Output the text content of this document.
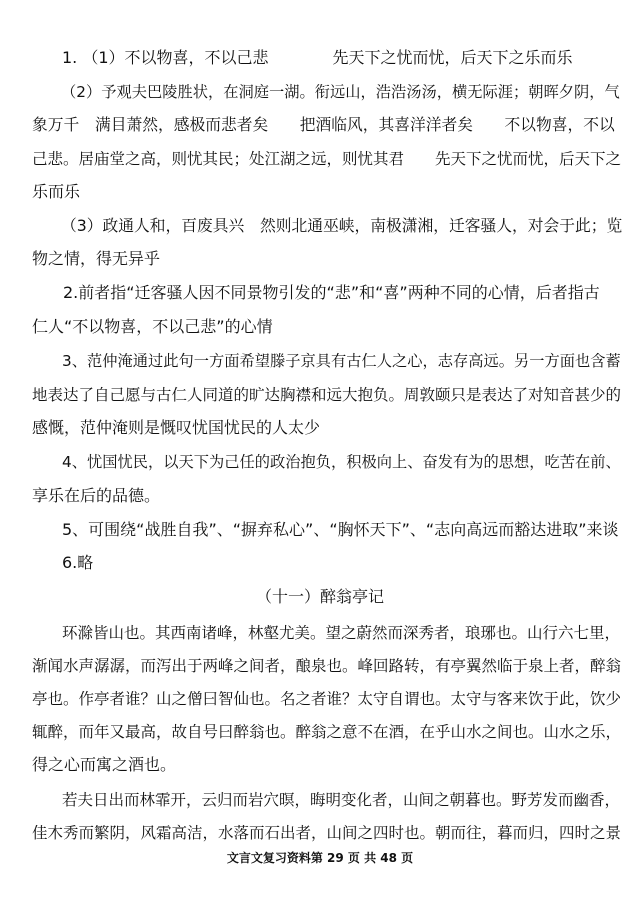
1. （1）不以物喜，不以己悲　　　　先天下之忧而忧，后天下之乐而乐
（2）予观夫巴陵胜状，在洞庭一湖。衔远山，浩浩汤汤，横无际涯；朝晖夕阴，气
象万千　满目萧然，感极而悲者矣　　把酒临风，其喜洋洋者矣　　不以物喜，不以
己悲。居庙堂之高，则忧其民；处江湖之远，则忧其君　　先天下之忧而忧，后天下之
乐而乐
（3）政通人和，百废具兴　然则北通巫峡，南极潇湘，迁客骚人，对会于此；览
物之情，得无异乎
2.前者指“迁客骚人因不同景物引发的“悲”和“喜”两种不同的心情，后者指古
仁人“不以物喜，不以己悲”的心情
3、范仲淹通过此句一方面希望滕子京具有古仁人之心，志存高远。另一方面也含蓄
地表达了自己愿与古仁人同道的旷达胸襟和远大抱负。周敦颐只是表达了对知音甚少的
感慨，范仲淹则是慨叹忧国忧民的人太少
4、忧国忧民，以天下为己任的政治抱负，积极向上、奋发有为的思想，吃苦在前、
享乐在后的品德。
5、可围绕“战胜自我”、“摒弃私心”、“胸怀天下”、“志向高远而豁达进取”来谈
6.略
（十一）醉翁亭记
环滁皆山也。其西南诸峰，林壑尤美。望之蔚然而深秀者，琅琊也。山行六七里，
渐闻水声潺潺，而泻出于两峰之间者，酿泉也。峰回路转，有亭翼然临于泉上者，醉翁
亭也。作亭者谁？山之僧曰智仙也。名之者谁？太守自谓也。太守与客来饮于此，饮少
辄醉，而年又最高，故自号曰醉翁也。醉翁之意不在酒，在乎山水之间也。山水之乐，
得之心而寓之酒也。
若夫日出而林霏开，云归而岩穴暝，晦明变化者，山间之朝暮也。野芳发而幽香，
佳木秀而繁阴，风霜高洁，水落而石出者，山间之四时也。朝而往，暮而归，四时之景
文言文复习资料第 29 页 共 48 页
